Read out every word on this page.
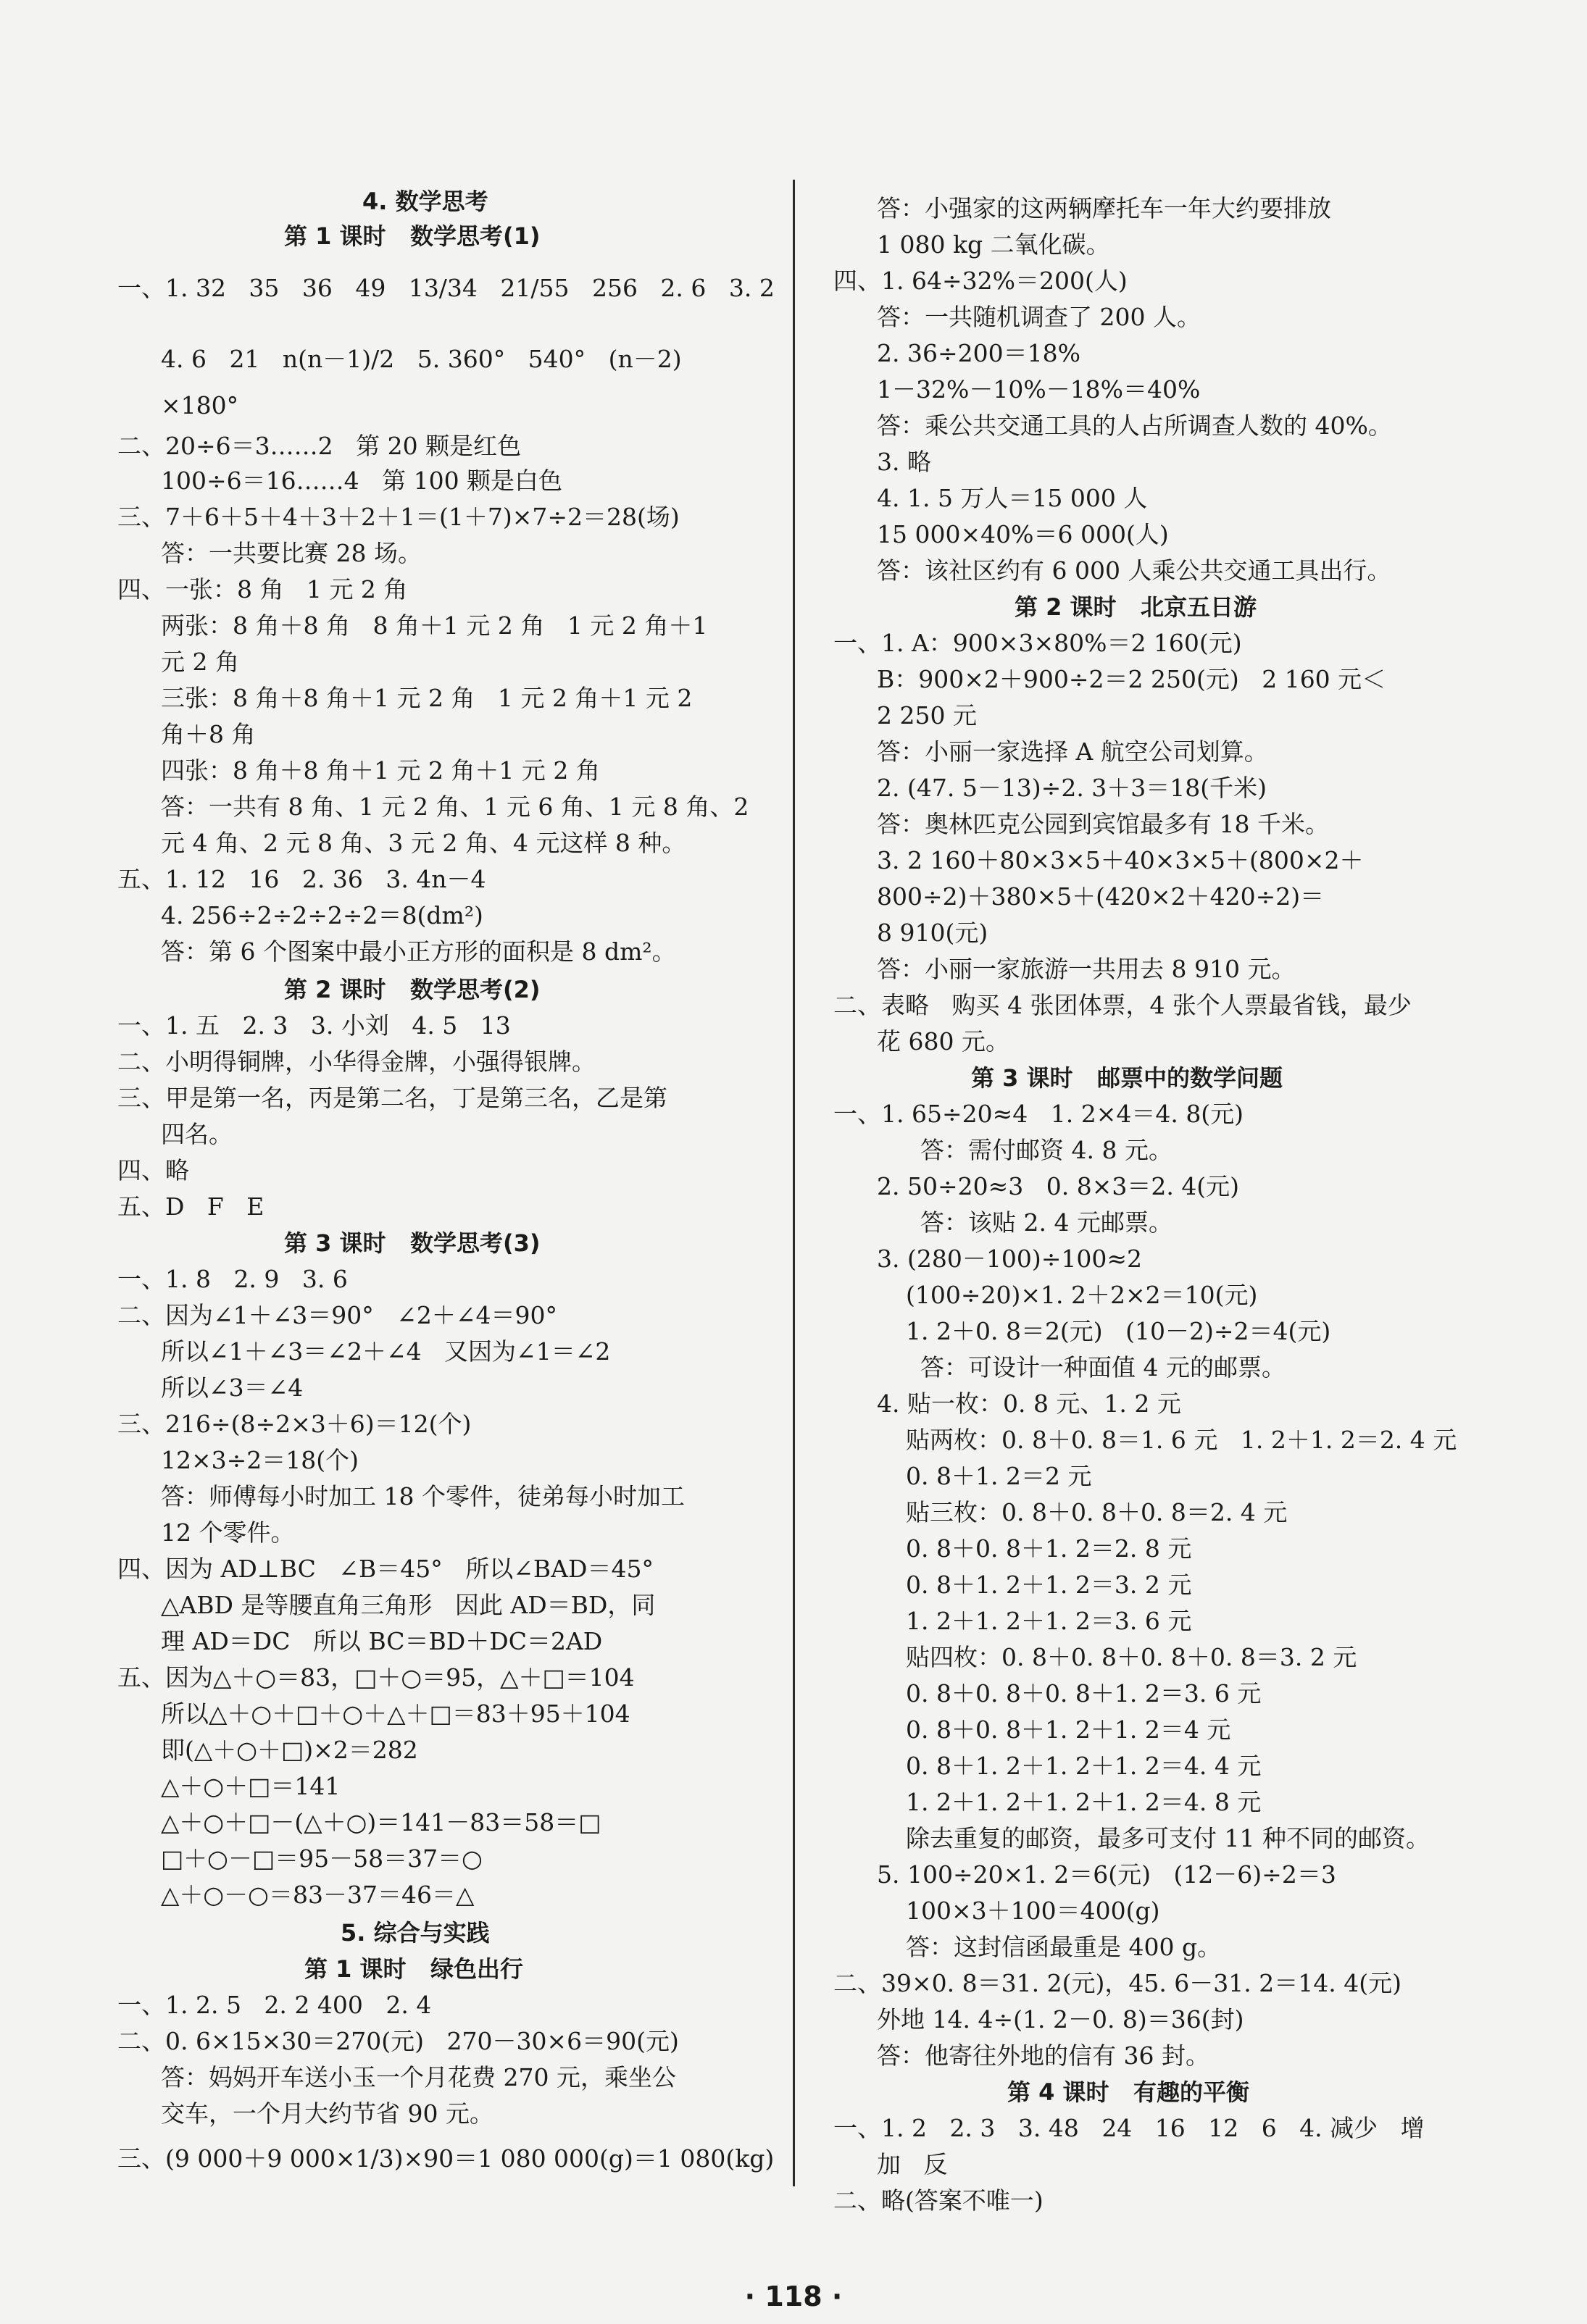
4. 数学思考
第 1 课时   数学思考(1)
一、1. 32   35   36   49   13/34   21/55   256   2. 6   3. 2
4. 6   21   n(n－1)/2   5. 360°   540°   (n－2)
×180°
二、20÷6＝3……2   第 20 颗是红色
100÷6＝16……4   第 100 颗是白色
三、7＋6＋5＋4＋3＋2＋1＝(1＋7)×7÷2＝28(场)
答：一共要比赛 28 场。
四、一张：8 角   1 元 2 角
两张：8 角＋8 角   8 角＋1 元 2 角   1 元 2 角＋1
元 2 角
三张：8 角＋8 角＋1 元 2 角   1 元 2 角＋1 元 2
角＋8 角
四张：8 角＋8 角＋1 元 2 角＋1 元 2 角
答：一共有 8 角、1 元 2 角、1 元 6 角、1 元 8 角、2
元 4 角、2 元 8 角、3 元 2 角、4 元这样 8 种。
五、1. 12   16   2. 36   3. 4n－4
4. 256÷2÷2÷2÷2＝8(dm²)
答：第 6 个图案中最小正方形的面积是 8 dm²。
第 2 课时   数学思考(2)
一、1. 五   2. 3   3. 小刘   4. 5   13
二、小明得铜牌，小华得金牌，小强得银牌。
三、甲是第一名，丙是第二名，丁是第三名，乙是第
四名。
四、略
五、D   F   E
第 3 课时   数学思考(3)
一、1. 8   2. 9   3. 6
二、因为∠1＋∠3＝90°   ∠2＋∠4＝90°
所以∠1＋∠3＝∠2＋∠4   又因为∠1＝∠2
所以∠3＝∠4
三、216÷(8÷2×3＋6)＝12(个)
12×3÷2＝18(个)
答：师傅每小时加工 18 个零件，徒弟每小时加工
12 个零件。
四、因为 AD⊥BC   ∠B＝45°   所以∠BAD＝45°
△ABD 是等腰直角三角形   因此 AD＝BD，同
理 AD＝DC   所以 BC＝BD＋DC＝2AD
五、因为△＋○＝83，□＋○＝95，△＋□＝104
所以△＋○＋□＋○＋△＋□＝83＋95＋104
即(△＋○＋□)×2＝282
△＋○＋□＝141
△＋○＋□－(△＋○)＝141－83＝58＝□
□＋○－□＝95－58＝37＝○
△＋○－○＝83－37＝46＝△
5. 综合与实践
第 1 课时   绿色出行
一、1. 2. 5   2. 2 400   2. 4
二、0. 6×15×30＝270(元)   270－30×6＝90(元)
答：妈妈开车送小玉一个月花费 270 元，乘坐公
交车，一个月大约节省 90 元。
三、(9 000＋9 000×1/3)×90＝1 080 000(g)＝1 080(kg)
答：小强家的这两辆摩托车一年大约要排放
1 080 kg 二氧化碳。
四、1. 64÷32%＝200(人)
答：一共随机调查了 200 人。
2. 36÷200＝18%
1－32%－10%－18%＝40%
答：乘公共交通工具的人占所调查人数的 40%。
3. 略
4. 1. 5 万人＝15 000 人
15 000×40%＝6 000(人)
答：该社区约有 6 000 人乘公共交通工具出行。
第 2 课时   北京五日游
一、1. A：900×3×80%＝2 160(元)
B：900×2＋900÷2＝2 250(元)   2 160 元＜
2 250 元
答：小丽一家选择 A 航空公司划算。
2. (47. 5－13)÷2. 3＋3＝18(千米)
答：奥林匹克公园到宾馆最多有 18 千米。
3. 2 160＋80×3×5＋40×3×5＋(800×2＋
800÷2)＋380×5＋(420×2＋420÷2)＝
8 910(元)
答：小丽一家旅游一共用去 8 910 元。
二、表略   购买 4 张团体票，4 张个人票最省钱，最少
花 680 元。
第 3 课时   邮票中的数学问题
一、1. 65÷20≈4   1. 2×4＝4. 8(元)
答：需付邮资 4. 8 元。
2. 50÷20≈3   0. 8×3＝2. 4(元)
答：该贴 2. 4 元邮票。
3. (280－100)÷100≈2
(100÷20)×1. 2＋2×2＝10(元)
1. 2＋0. 8＝2(元)   (10－2)÷2＝4(元)
答：可设计一种面值 4 元的邮票。
4. 贴一枚：0. 8 元、1. 2 元
贴两枚：0. 8＋0. 8＝1. 6 元   1. 2＋1. 2＝2. 4 元
0. 8＋1. 2＝2 元
贴三枚：0. 8＋0. 8＋0. 8＝2. 4 元
0. 8＋0. 8＋1. 2＝2. 8 元
0. 8＋1. 2＋1. 2＝3. 2 元
1. 2＋1. 2＋1. 2＝3. 6 元
贴四枚：0. 8＋0. 8＋0. 8＋0. 8＝3. 2 元
0. 8＋0. 8＋0. 8＋1. 2＝3. 6 元
0. 8＋0. 8＋1. 2＋1. 2＝4 元
0. 8＋1. 2＋1. 2＋1. 2＝4. 4 元
1. 2＋1. 2＋1. 2＋1. 2＝4. 8 元
除去重复的邮资，最多可支付 11 种不同的邮资。
5. 100÷20×1. 2＝6(元)   (12－6)÷2＝3
100×3＋100＝400(g)
答：这封信函最重是 400 g。
二、39×0. 8＝31. 2(元)，45. 6－31. 2＝14. 4(元)
外地 14. 4÷(1. 2－0. 8)＝36(封)
答：他寄往外地的信有 36 封。
第 4 课时   有趣的平衡
一、1. 2   2. 3   3. 48   24   16   12   6   4. 减少   增
加   反
二、略(答案不唯一)
· 118 ·
